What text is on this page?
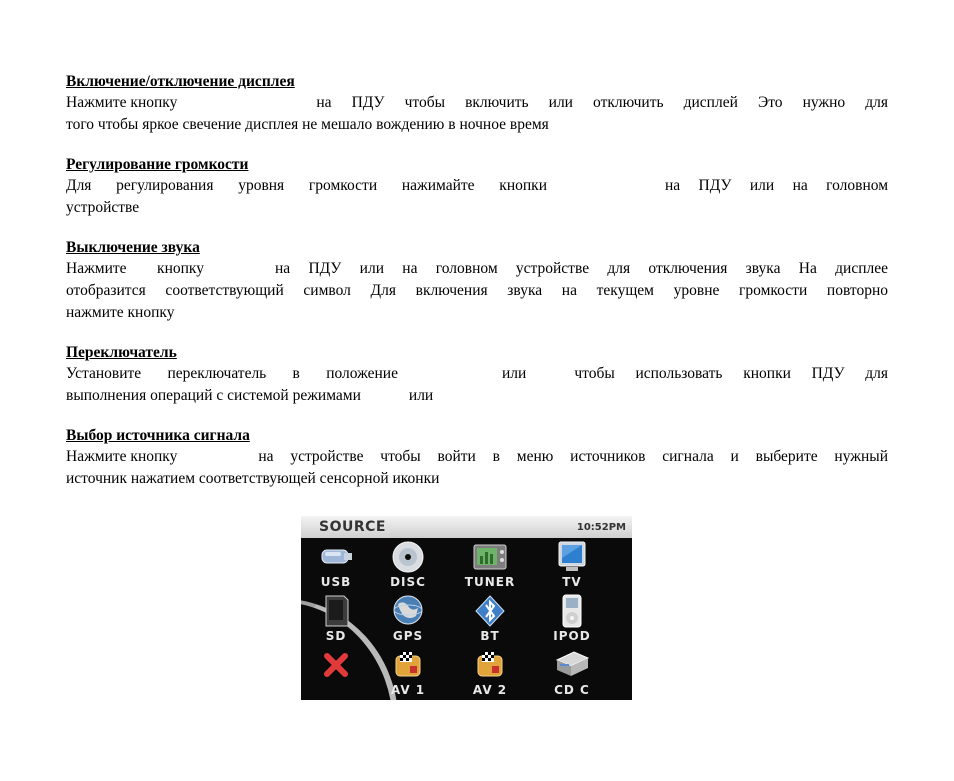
Включение/отключение дисплея
Нажмите кнопку	на ПДУ чтобы включить или отключить дисплей Это нужно для
того чтобы яркое свечение дисплея не мешало вождению в ночное время
Регулирование громкости
Для регулирования уровня громкости нажимайте кнопки	на ПДУ или на головном
устройстве
Выключение звука
Нажмите кнопку	на ПДУ или на головном устройстве для отключения звука На дисплее
отобразится соответствующий символ Для включения звука на текущем уровне громкости повторно
нажмите кнопку
Переключатель
Установите переключатель в положение	или	чтобы использовать кнопки ПДУ для
выполнения операций с системой режимами	или
Выбор источника сигнала
Нажмите кнопку	на устройстве чтобы войти в меню источников сигнала и выберите нужный
источник нажатием соответствующей сенсорной иконки
SOURCE	10:52PM
USB	DISC	TUNER	TV
SD	GPS	BT	IPOD
AV 1	AV 2	CD C
